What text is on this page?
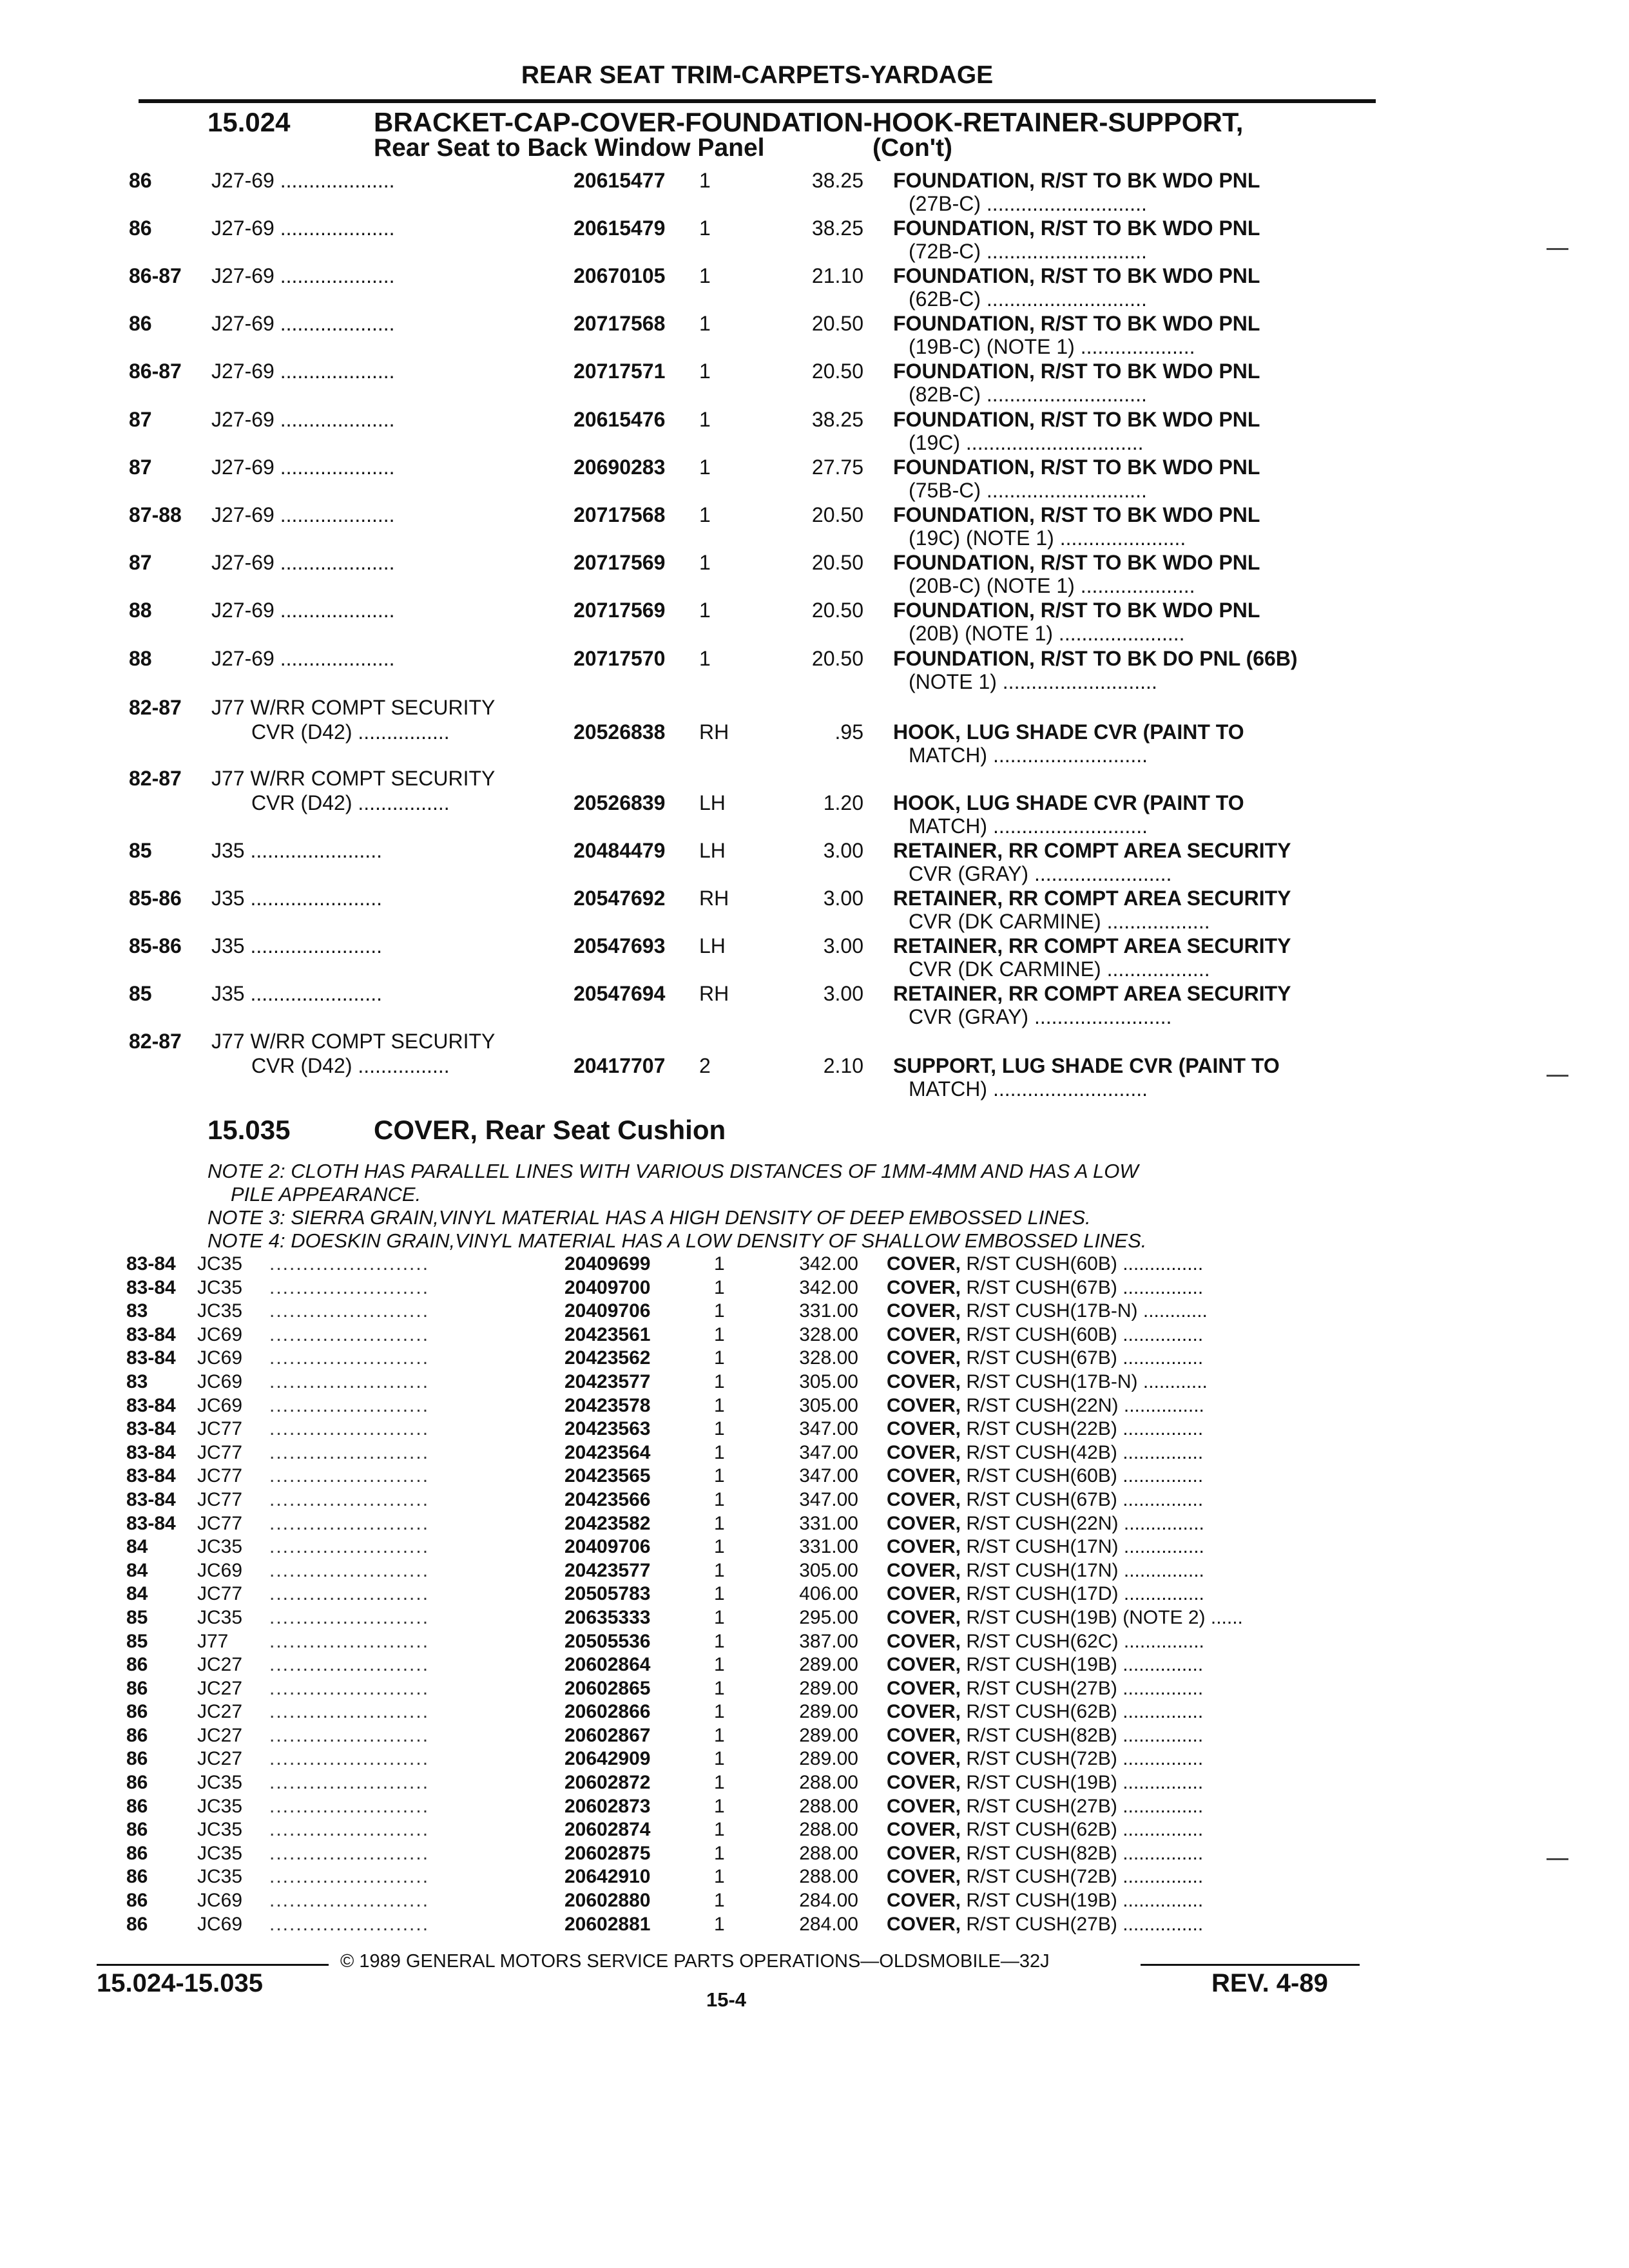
REAR SEAT TRIM-CARPETS-YARDAGE
15.024	BRACKET-CAP-COVER-FOUNDATION-HOOK-RETAINER-SUPPORT,
Rear Seat to Back Window Panel	(Con't)
86	J27-69 ....................	20615477 1	38.25 FOUNDATION, R/ST TO BK WDO PNL
(27B-C) ............................
86	J27-69 ....................	20615479 1	38.25 FOUNDATION, R/ST TO BK WDO PNL
(72B-C) ............................
86-87 J27-69 ....................	20670105 1	21.10 FOUNDATION, R/ST TO BK WDO PNL
(62B-C) ............................
86	J27-69 ....................	20717568 1	20.50 FOUNDATION, R/ST TO BK WDO PNL
(19B-C) (NOTE 1) ....................
86-87 J27-69 ....................	20717571 1	20.50 FOUNDATION, R/ST TO BK WDO PNL
(82B-C) ............................
87	J27-69 ....................	20615476 1	38.25 FOUNDATION, R/ST TO BK WDO PNL
(19C) ...............................
87	J27-69 ....................	20690283 1	27.75 FOUNDATION, R/ST TO BK WDO PNL
(75B-C) ............................
87-88 J27-69 ....................	20717568 1	20.50 FOUNDATION, R/ST TO BK WDO PNL
(19C) (NOTE 1) ......................
87	J27-69 ....................	20717569 1	20.50 FOUNDATION, R/ST TO BK WDO PNL
(20B-C) (NOTE 1) ....................
88	J27-69 ....................	20717569 1	20.50 FOUNDATION, R/ST TO BK WDO PNL
(20B) (NOTE 1) ......................
88	J27-69 ....................	20717570 1	20.50 FOUNDATION, R/ST TO BK DO PNL (66B)
(NOTE 1) ...........................
82-87 J77 W/RR COMPT SECURITY
CVR (D42) ................	20526838 RH	.95 HOOK, LUG SHADE CVR (PAINT TO
MATCH) ...........................
82-87 J77 W/RR COMPT SECURITY
CVR (D42) ................	20526839 LH	1.20 HOOK, LUG SHADE CVR (PAINT TO
MATCH) ...........................
85	J35 .......................	20484479 LH	3.00 RETAINER, RR COMPT AREA SECURITY
CVR (GRAY) ........................
85-86 J35 .......................	20547692 RH	3.00 RETAINER, RR COMPT AREA SECURITY
CVR (DK CARMINE) ..................
85-86 J35 .......................	20547693 LH	3.00 RETAINER, RR COMPT AREA SECURITY
CVR (DK CARMINE) ..................
85	J35 .......................	20547694 RH	3.00 RETAINER, RR COMPT AREA SECURITY
CVR (GRAY) ........................
82-87 J77 W/RR COMPT SECURITY
CVR (D42) ................	20417707 2	2.10 SUPPORT, LUG SHADE CVR (PAINT TO
MATCH) ...........................
15.035	COVER, Rear Seat Cushion

NOTE 2: CLOTH HAS PARALLEL LINES WITH VARIOUS DISTANCES OF 1MM-4MM AND HAS A LOW

PILE APPEARANCE.

NOTE 3: SIERRA GRAIN,VINYL MATERIAL HAS A HIGH DENSITY OF DEEP EMBOSSED LINES.

NOTE 4: DOESKIN GRAIN,VINYL MATERIAL HAS A LOW DENSITY OF SHALLOW EMBOSSED LINES.

83-84 JC35 ........................	20409699	1	342.00 COVER, R/ST CUSH(60B) ...............
83-84 JC35 ........................	20409700	1	342.00 COVER, R/ST CUSH(67B) ...............
83	JC35 ........................	20409706	1	331.00 COVER, R/ST CUSH(17B-N) ............
83-84 JC69 ........................	20423561	1	328.00 COVER, R/ST CUSH(60B) ...............
83-84 JC69 ........................	20423562	1	328.00 COVER, R/ST CUSH(67B) ...............
83	JC69 ........................	20423577	1	305.00 COVER, R/ST CUSH(17B-N) ............
83-84 JC69 ........................	20423578	1	305.00 COVER, R/ST CUSH(22N) ...............
83-84 JC77 ........................	20423563	1	347.00 COVER, R/ST CUSH(22B) ...............
83-84 JC77 ........................	20423564	1	347.00 COVER, R/ST CUSH(42B) ...............
83-84 JC77 ........................	20423565	1	347.00 COVER, R/ST CUSH(60B) ...............
83-84 JC77 ........................	20423566	1	347.00 COVER, R/ST CUSH(67B) ...............
83-84 JC77 ........................	20423582	1	331.00 COVER, R/ST CUSH(22N) ...............
84	JC35 ........................	20409706	1	331.00 COVER, R/ST CUSH(17N) ...............
84	JC69 ........................	20423577	1	305.00 COVER, R/ST CUSH(17N) ...............
84	JC77 ........................	20505783	1	406.00 COVER, R/ST CUSH(17D) ...............
85	JC35 ........................	20635333	1	295.00 COVER, R/ST CUSH(19B) (NOTE 2) ......
85	J77 ........................	20505536	1	387.00 COVER, R/ST CUSH(62C) ...............
86	JC27 ........................	20602864	1	289.00 COVER, R/ST CUSH(19B) ...............
86	JC27 ........................	20602865	1	289.00 COVER, R/ST CUSH(27B) ...............
86	JC27 ........................	20602866	1	289.00 COVER, R/ST CUSH(62B) ...............
86	JC27 ........................	20602867	1	289.00 COVER, R/ST CUSH(82B) ...............
86	JC27 ........................	20642909	1	289.00 COVER, R/ST CUSH(72B) ...............
86	JC35 ........................	20602872	1	288.00 COVER, R/ST CUSH(19B) ...............
86	JC35 ........................	20602873	1	288.00 COVER, R/ST CUSH(27B) ...............
86	JC35 ........................	20602874	1	288.00 COVER, R/ST CUSH(62B) ...............
86	JC35 ........................	20602875	1	288.00 COVER, R/ST CUSH(82B) ...............
86	JC35 ........................	20642910	1	288.00 COVER, R/ST CUSH(72B) ...............
86	JC69 ........................	20602880	1	284.00 COVER, R/ST CUSH(19B) ...............
86	JC69 ........................	20602881	1	284.00 COVER, R/ST CUSH(27B) ...............
© 1989 GENERAL MOTORS SERVICE PARTS OPERATIONS—OLDSMOBILE—32J
15.024-15.035
15-4
REV. 4-89
